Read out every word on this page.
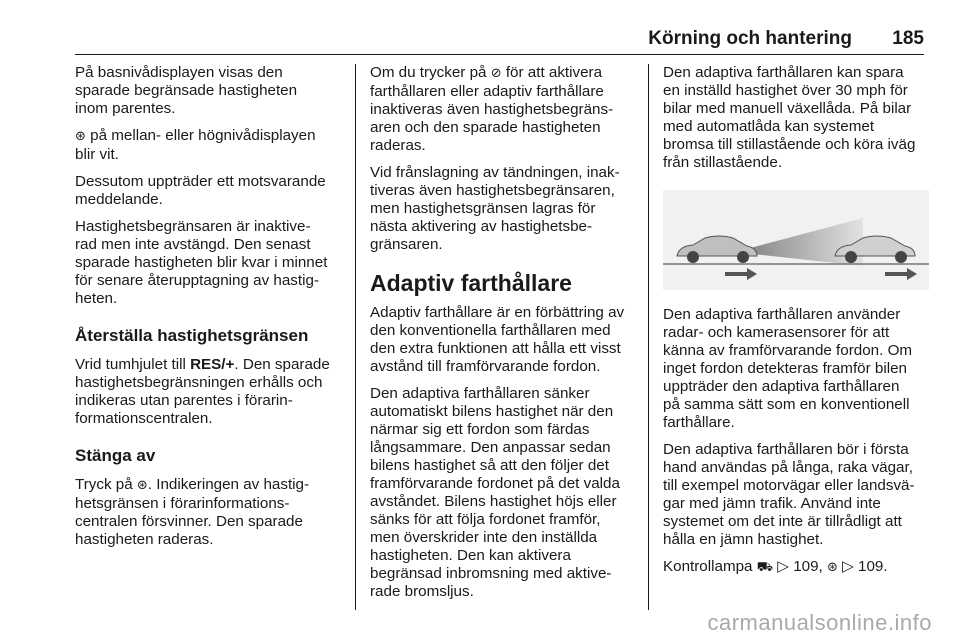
Körning och hantering 185

På basnivådisplayen visas den
sparade begränsade hastigheten
inom parentes.

⊛ på mellan- eller högnivådisplayen
blir vit.

Dessutom uppträder ett motsvarande
meddelande.

Hastighetsbegränsaren är inaktive-
rad men inte avstängd. Den senast
sparade hastigheten blir kvar i minnet
för senare återupptagning av hastig-
heten.

Återställa hastighetsgränsen

Vrid tumhjulet till RES/+. Den sparade
hastighetsbegränsningen erhålls och
indikeras utan parentes i förarin-
formationscentralen.

Stänga av

Tryck på ⊛. Indikeringen av hastig-
hetsgränsen i förarinformations-
centralen försvinner. Den sparade
hastigheten raderas.

Om du trycker på ⊘ för att aktivera
farthållaren eller adaptiv farthållare
inaktiveras även hastighetsbegräns-
aren och den sparade hastigheten
raderas.

Vid frånslagning av tändningen, inak-
tiveras även hastighetsbegränsaren,
men hastighetsgränsen lagras för
nästa aktivering av hastighetsbe-
gränsaren.

Adaptiv farthållare

Adaptiv farthållare är en förbättring av
den konventionella farthållaren med
den extra funktionen att hålla ett visst
avstånd till framförvarande fordon.

Den adaptiva farthållaren sänker
automatiskt bilens hastighet när den
närmar sig ett fordon som färdas
långsammare. Den anpassar sedan
bilens hastighet så att den följer det
framförvarande fordonet på det valda
avståndet. Bilens hastighet höjs eller
sänks för att följa fordonet framför,
men överskrider inte den inställda
hastigheten. Den kan aktivera
begränsad inbromsning med aktive-
rade bromsljus.

Den adaptiva farthållaren kan spara
en inställd hastighet över 30 mph för
bilar med manuell växellåda. På bilar
med automatlåda kan systemet
bromsa till stillastående och köra iväg
från stillastående.

Den adaptiva farthållaren använder
radar- och kamerasensorer för att
känna av framförvarande fordon. Om
inget fordon detekteras framför bilen
uppträder den adaptiva farthållaren
på samma sätt som en konventionell
farthållare.

Den adaptiva farthållaren bör i första
hand användas på långa, raka vägar,
till exempel motorvägar eller landsvä-
gar med jämn trafik. Använd inte
systemet om det inte är tillrådligt att
hålla en jämn hastighet.

Kontrollampa ⛟ ▷ 109, ⊛ ▷ 109.

carmanualsonline.info
